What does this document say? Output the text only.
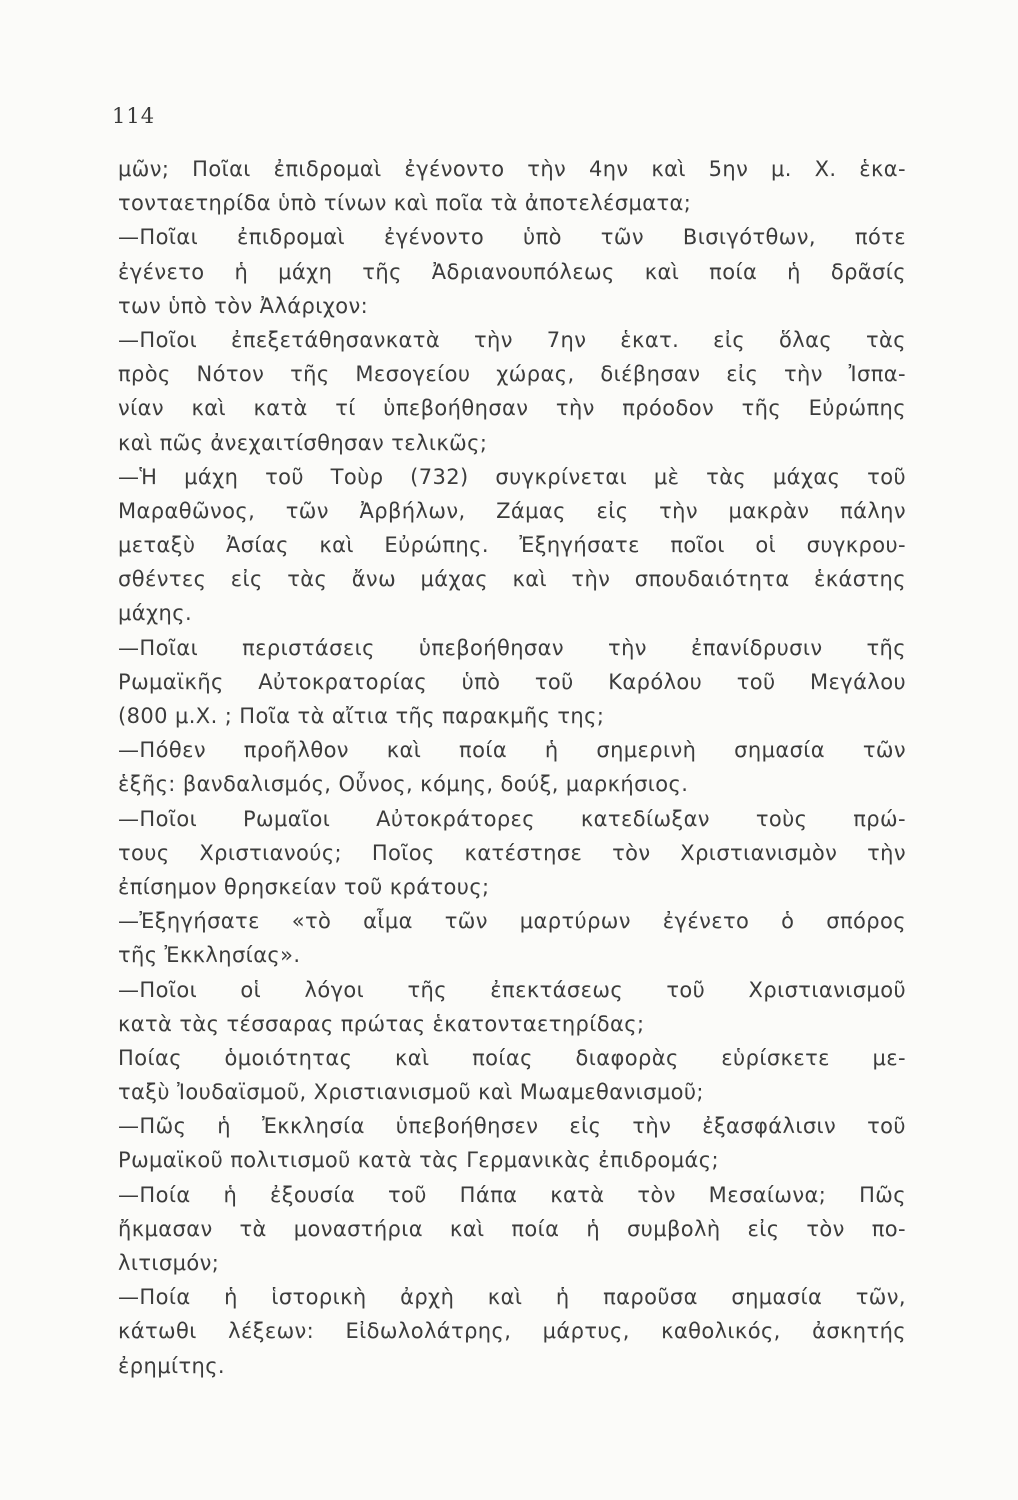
114
μῶν; Ποῖαι ἐπιδρομαὶ ἐγένοντο τὴν 4ην καὶ 5ην μ. Χ. ἑκα-
τονταετηρίδα ὑπὸ τίνων καὶ ποῖα τὰ ἀποτελέσματα;
—Ποῖαι ἐπιδρομαὶ ἐγένοντο ὑπὸ τῶν Βισιγότθων, πότε
ἐγένετο ἡ μάχη τῆς Ἀδριανουπόλεως καὶ ποία ἡ δρᾶσίς
των ὑπὸ τὸν Ἀλάριχον:
—Ποῖοι ἐπεξετάθησανκατὰ τὴν 7ην ἑκατ. εἰς ὅλας τὰς
πρὸς Νότον τῆς Μεσογείου χώρας, διέβησαν εἰς τὴν Ἰσπα-
νίαν καὶ κατὰ τί ὑπεβοήθησαν τὴν πρόοδον τῆς Εὐρώπης
καὶ πῶς ἀνεχαιτίσθησαν τελικῶς;
—Ἡ μάχη τοῦ Τοὺρ (732) συγκρίνεται μὲ τὰς μάχας τοῦ
Μαραθῶνος, τῶν Ἀρβήλων, Ζάμας εἰς τὴν μακρὰν πάλην
μεταξὺ Ἀσίας καὶ Εὐρώπης. Ἐξηγήσατε ποῖοι οἱ συγκρου-
σθέντες εἰς τὰς ἄνω μάχας καὶ τὴν σπουδαιότητα ἑκάστης
μάχης.
—Ποῖαι περιστάσεις ὑπεβοήθησαν τὴν ἐπανίδρυσιν τῆς
Ρωμαϊκῆς Αὐτοκρατορίας ὑπὸ τοῦ Καρόλου τοῦ Μεγάλου
(800 μ.Χ. ; Ποῖα τὰ αἴτια τῆς παρακμῆς της;
—Πόθεν προῆλθον καὶ ποία ἡ σημερινὴ σημασία τῶν
ἑξῆς: βανδαλισμός, Οὖνος, κόμης, δούξ, μαρκήσιος.
—Ποῖοι Ρωμαῖοι Αὐτοκράτορες κατεδίωξαν τοὺς πρώ-
τους Χριστιανούς; Ποῖος κατέστησε τὸν Χριστιανισμὸν τὴν
ἐπίσημον θρησκείαν τοῦ κράτους;
—Ἐξηγήσατε «τὸ αἷμα τῶν μαρτύρων ἐγένετο ὁ σπόρος
τῆς Ἐκκλησίας».
—Ποῖοι οἱ λόγοι τῆς ἐπεκτάσεως τοῦ Χριστιανισμοῦ
κατὰ τὰς τέσσαρας πρώτας ἑκατονταετηρίδας;
Ποίας ὁμοιότητας καὶ ποίας διαφορὰς εὑρίσκετε με-
ταξὺ Ἰουδαϊσμοῦ, Χριστιανισμοῦ καὶ Μωαμεθανισμοῦ;
—Πῶς ἡ Ἐκκλησία ὑπεβοήθησεν εἰς τὴν ἐξασφάλισιν τοῦ
Ρωμαϊκοῦ πολιτισμοῦ κατὰ τὰς Γερμανικὰς ἐπιδρομάς;
—Ποία ἡ ἐξουσία τοῦ Πάπα κατὰ τὸν Μεσαίωνα; Πῶς
ἤκμασαν τὰ μοναστήρια καὶ ποία ἡ συμβολὴ εἰς τὸν πο-
λιτισμόν;
—Ποία ἡ ἱστορικὴ ἀρχὴ καὶ ἡ παροῦσα σημασία τῶν,
κάτωθι λέξεων: Εἰδωλολάτρης, μάρτυς, καθολικός, ἀσκητής
ἐρημίτης.
